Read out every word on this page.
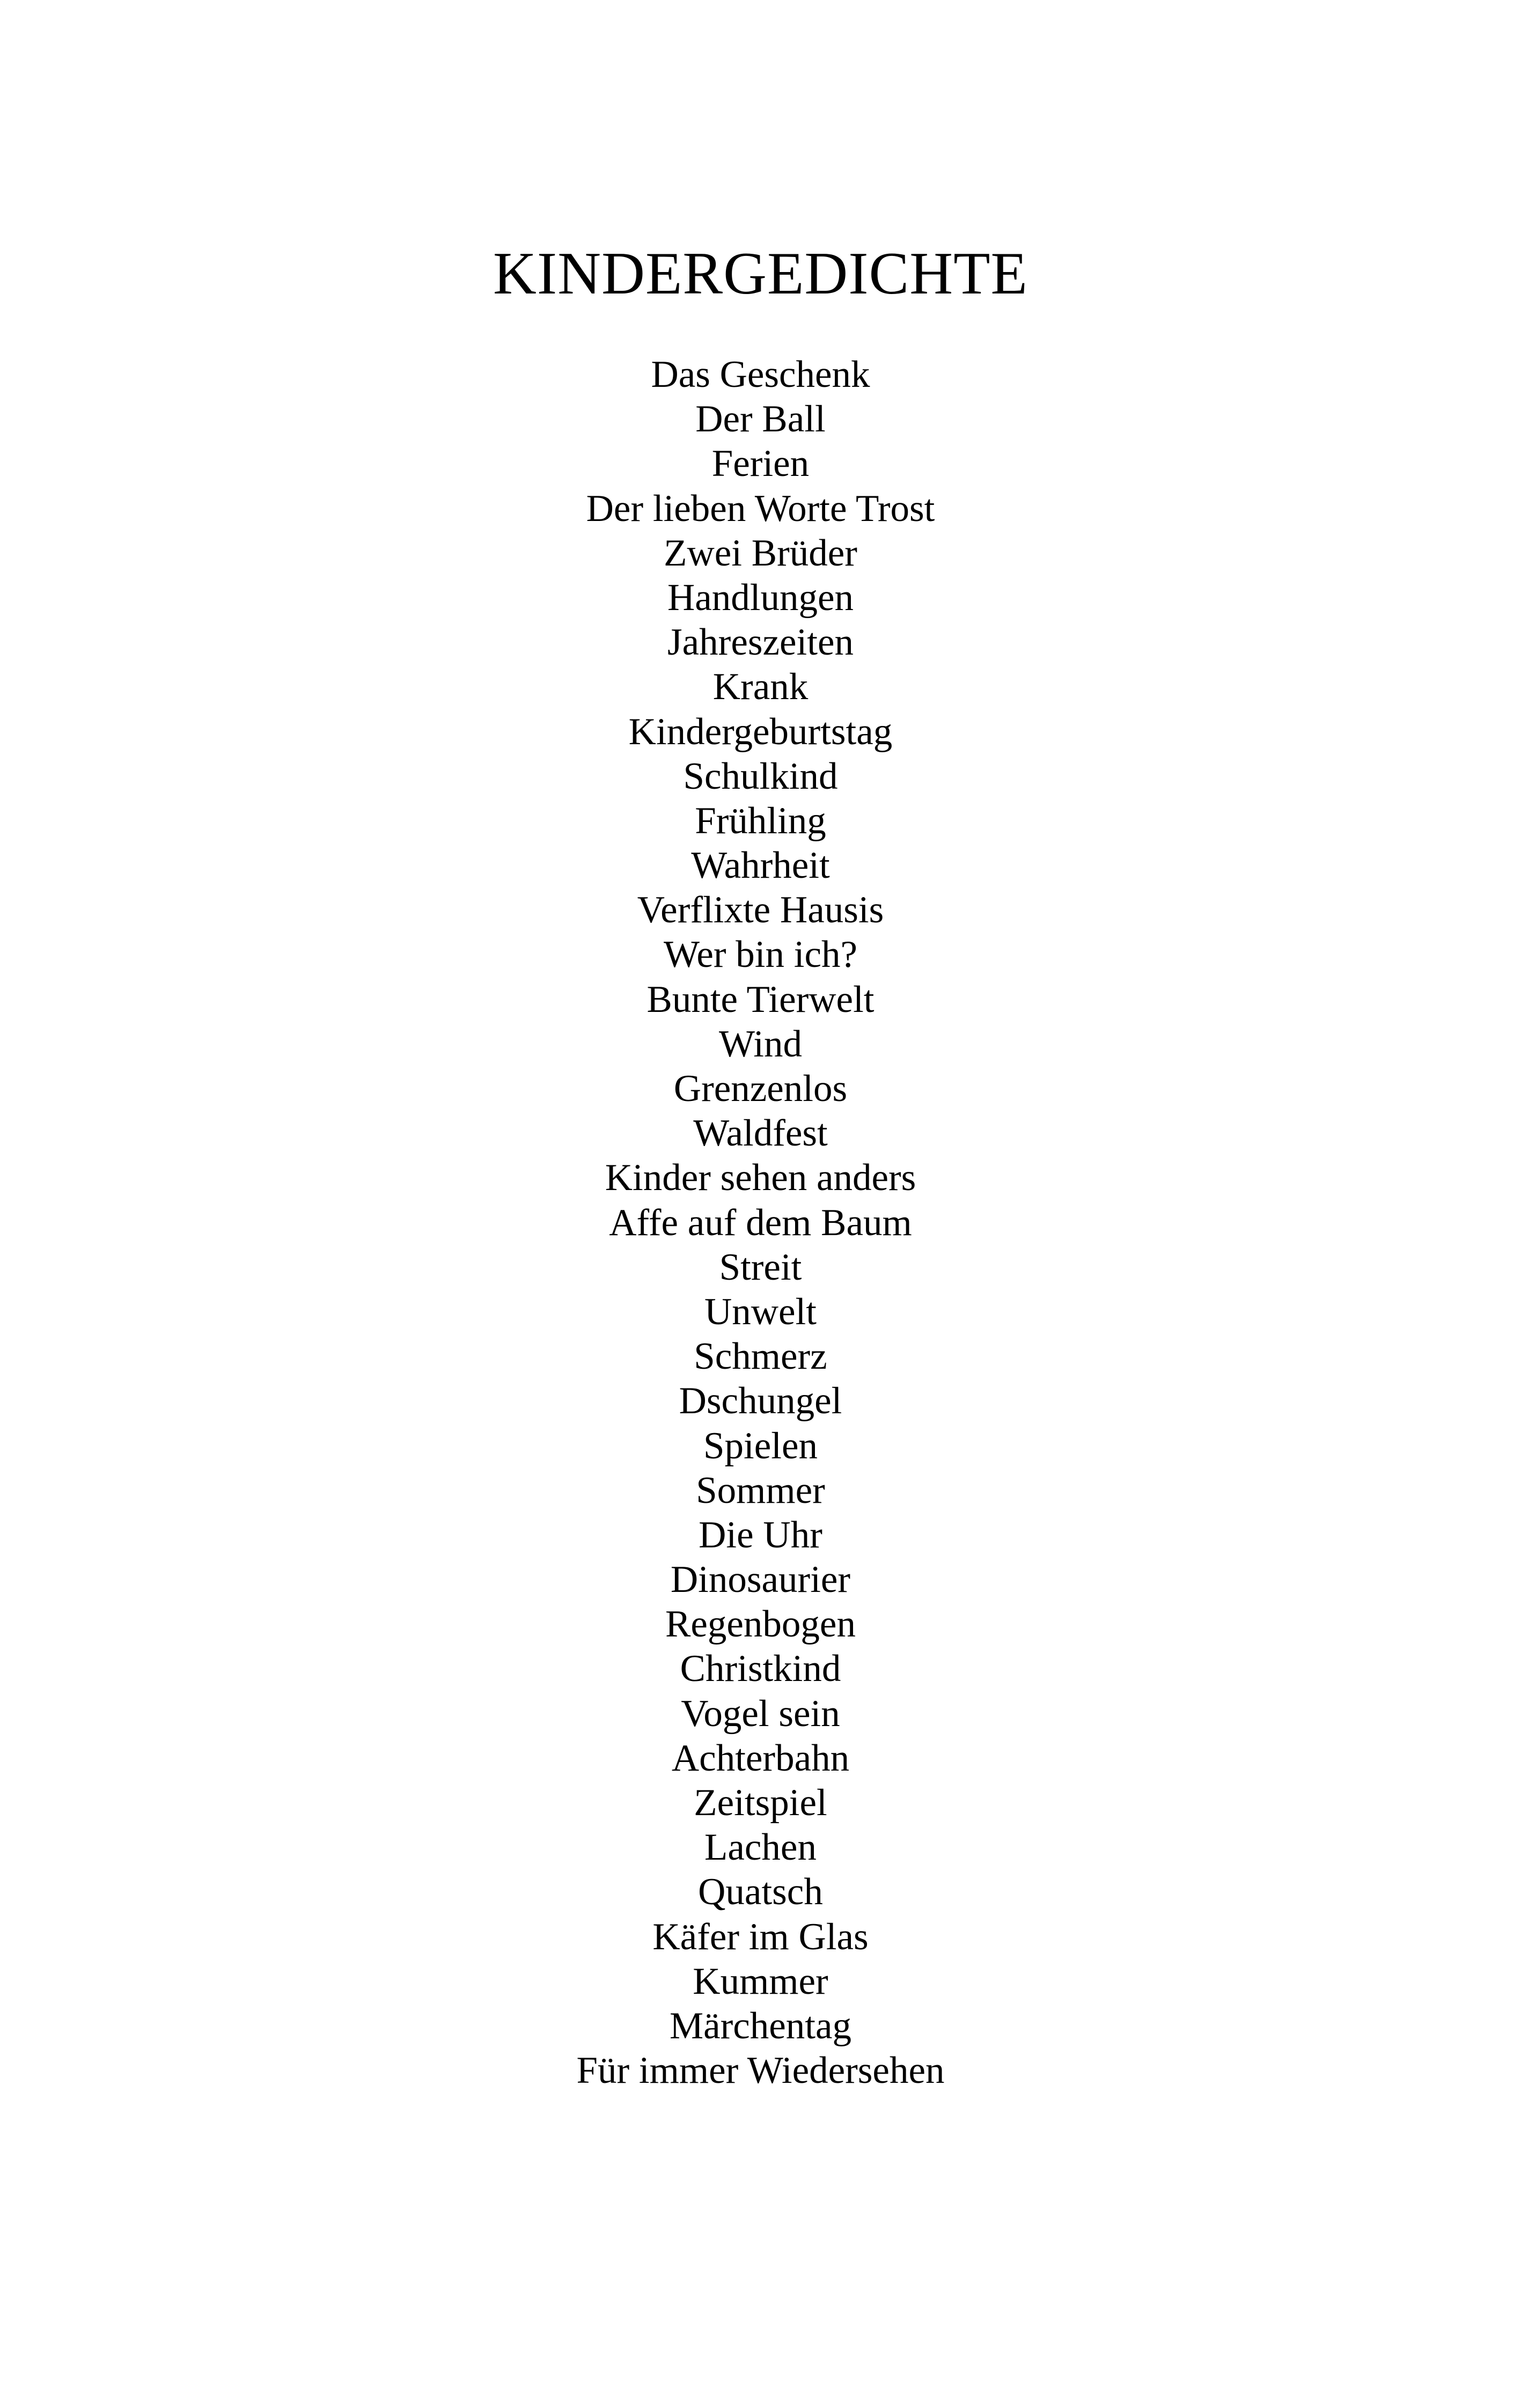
KINDERGEDICHTE
Das Geschenk
Der Ball
Ferien
Der lieben Worte Trost
Zwei Brüder
Handlungen
Jahreszeiten
Krank
Kindergeburtstag
Schulkind
Frühling
Wahrheit
Verflixte Hausis
Wer bin ich?
Bunte Tierwelt
Wind
Grenzenlos
Waldfest
Kinder sehen anders
Affe auf dem Baum
Streit
Unwelt
Schmerz
Dschungel
Spielen
Sommer
Die Uhr
Dinosaurier
Regenbogen
Christkind
Vogel sein
Achterbahn
Zeitspiel
Lachen
Quatsch
Käfer im Glas
Kummer
Märchentag
Für immer Wiedersehen
